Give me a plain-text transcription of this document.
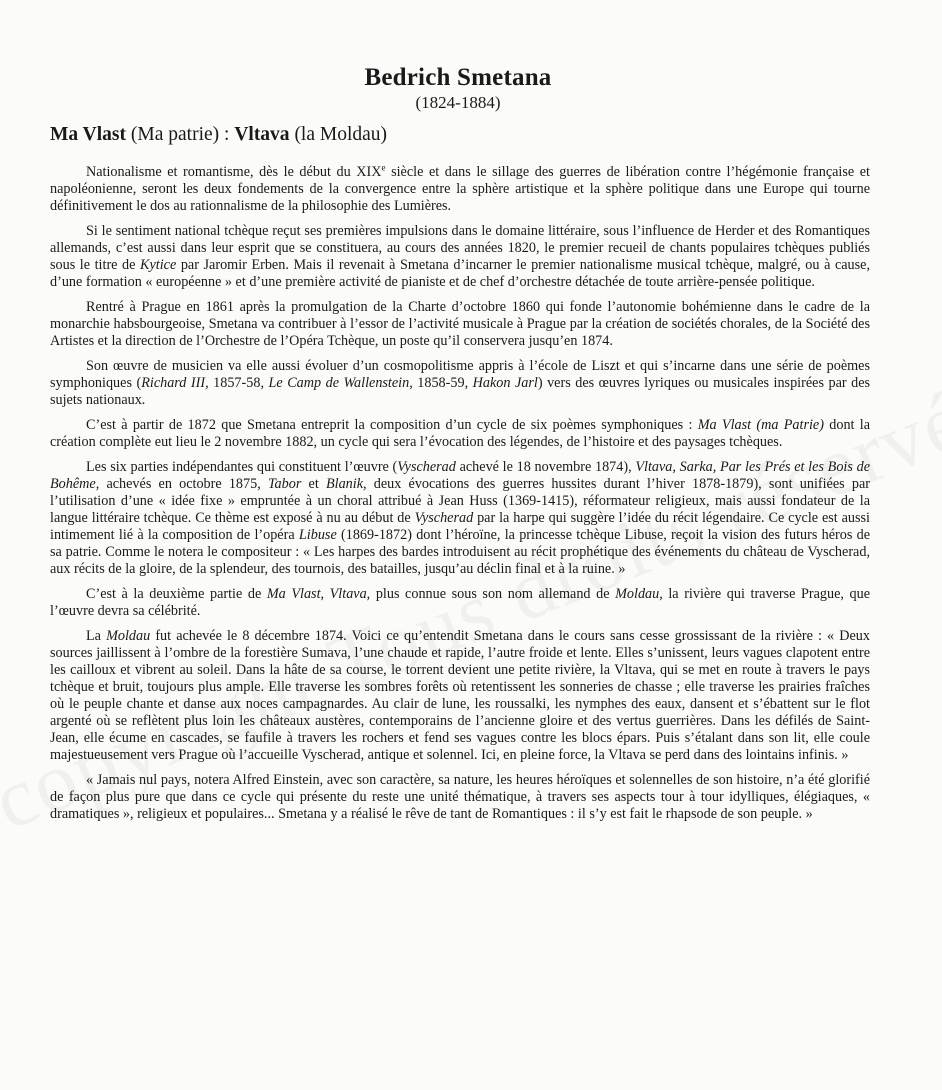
Bedrich Smetana
(1824-1884)
Ma Vlast (Ma patrie) : Vltava (la Moldau)

Nationalisme et romantisme, dès le début du XIXe siècle et dans le sillage des guerres de libération contre l’hégémonie française et napoléonienne, seront les deux fondements de la convergence entre la sphère artistique et la sphère politique dans une Europe qui tourne définitivement le dos au rationnalisme de la philosophie des Lumières.

Si le sentiment national tchèque reçut ses premières impulsions dans le domaine littéraire, sous l’influence de Herder et des Romantiques allemands, c’est aussi dans leur esprit que se constituera, au cours des années 1820, le premier recueil de chants populaires tchèques publiés sous le titre de Kytice par Jaromir Erben. Mais il revenait à Smetana d’incarner le premier nationalisme musical tchèque, malgré, ou à cause, d’une formation « européenne » et d’une première activité de pianiste et de chef d’orchestre détachée de toute arrière-pensée politique.

Rentré à Prague en 1861 après la promulgation de la Charte d’octobre 1860 qui fonde l’autonomie bohémienne dans le cadre de la monarchie habsbourgeoise, Smetana va contribuer à l’essor de l’activité musicale à Prague par la création de sociétés chorales, de la Société des Artistes et la direction de l’Orchestre de l’Opéra Tchèque, un poste qu’il conservera jusqu’en 1874.

Son œuvre de musicien va elle aussi évoluer d’un cosmopolitisme appris à l’école de Liszt et qui s’incarne dans une série de poèmes symphoniques (Richard III, 1857-58, Le Camp de Wallenstein, 1858-59, Hakon Jarl) vers des œuvres lyriques ou musicales inspirées par des sujets nationaux.

C’est à partir de 1872 que Smetana entreprit la composition d’un cycle de six poèmes symphoniques : Ma Vlast (ma Patrie) dont la création complète eut lieu le 2 novembre 1882, un cycle qui sera l’évocation des légendes, de l’histoire et des paysages tchèques.

Les six parties indépendantes qui constituent l’œuvre (Vyscherad achevé le 18 novembre 1874), Vltava, Sarka, Par les Prés et les Bois de Bohême, achevés en octobre 1875, Tabor et Blanik, deux évocations des guerres hussites durant l’hiver 1878-1879), sont unifiées par l’utilisation d’une « idée fixe » empruntée à un choral attribué à Jean Huss (1369-1415), réformateur religieux, mais aussi fondateur de la langue littéraire tchèque. Ce thème est exposé à nu au début de Vyscherad par la harpe qui suggère l’idée du récit légendaire. Ce cycle est aussi intimement lié à la composition de l’opéra Libuse (1869-1872) dont l’héroïne, la princesse tchèque Libuse, reçoit la vision des futurs héros de sa patrie. Comme le notera le compositeur : « Les harpes des bardes introduisent au récit prophétique des événements du château de Vyscherad, aux récits de la gloire, de la splendeur, des tournois, des batailles, jusqu’au déclin final et à la ruine. »

C’est à la deuxième partie de Ma Vlast, Vltava, plus connue sous son nom allemand de Moldau, la rivière qui traverse Prague, que l’œuvre devra sa célébrité.

La Moldau fut achevée le 8 décembre 1874. Voici ce qu’entendit Smetana dans le cours sans cesse grossissant de la rivière : « Deux sources jaillissent à l’ombre de la forestière Sumava, l’une chaude et rapide, l’autre froide et lente. Elles s’unissent, leurs vagues clapotent entre les cailloux et vibrent au soleil. Dans la hâte de sa course, le torrent devient une petite rivière, la Vltava, qui se met en route à travers le pays tchèque et bruit, toujours plus ample. Elle traverse les sombres forêts où retentissent les sonneries de chasse ; elle traverse les prairies fraîches où le peuple chante et danse aux noces campagnardes. Au clair de lune, les roussalki, les nymphes des eaux, dansent et s’ébattent sur le flot argenté où se reflètent plus loin les châteaux austères, contemporains de l’ancienne gloire et des vertus guerrières. Dans les défilés de Saint-Jean, elle écume en cascades, se faufile à travers les rochers et fend ses vagues contre les blocs épars. Puis s’étalant dans son lit, elle coule majestueusement vers Prague où l’accueille Vyscherad, antique et solennel. Ici, en pleine force, la Vltava se perd dans des lointains infinis. »

« Jamais nul pays, notera Alfred Einstein, avec son caractère, sa nature, les heures héroïques et solennelles de son histoire, n’a été glorifié de façon plus pure que dans ce cycle qui présente du reste une unité thématique, à travers ses aspects tour à tour idylliques, élégiaques, « dramatiques », religieux et populaires... Smetana y a réalisé le rêve de tant de Romantiques : il s’y est fait le rhapsode de son peuple. »
